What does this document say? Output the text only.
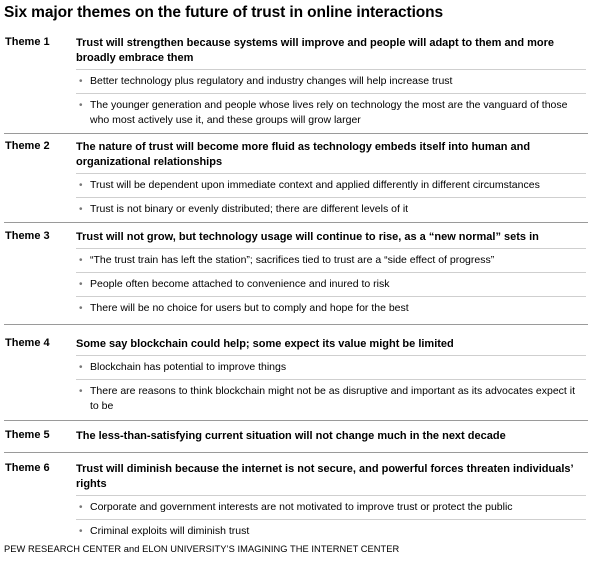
Six major themes on the future of trust in online interactions
Theme 1 Trust will strengthen because systems will improve and people will adapt to them and more broadly embrace them

• Better technology plus regulatory and industry changes will help increase trust

• The younger generation and people whose lives rely on technology the most are the vanguard of those who most actively use it, and these groups will grow larger

Theme 2 The nature of trust will become more fluid as technology embeds itself into human and organizational relationships

• Trust will be dependent upon immediate context and applied differently in different circumstances

• Trust is not binary or evenly distributed; there are different levels of it

Theme 3 Trust will not grow, but technology usage will continue to rise, as a “new normal” sets in

• “The trust train has left the station”; sacrifices tied to trust are a “side effect of progress”

• People often become attached to convenience and inured to risk

• There will be no choice for users but to comply and hope for the best

Theme 4 Some say blockchain could help; some expect its value might be limited

• Blockchain has potential to improve things

• There are reasons to think blockchain might not be as disruptive and important as its advocates expect it to be

Theme 5 The less-than-satisfying current situation will not change much in the next decade

Theme 6 Trust will diminish because the internet is not secure, and powerful forces threaten individuals’ rights

• Corporate and government interests are not motivated to improve trust or protect the public

• Criminal exploits will diminish trust

PEW RESEARCH CENTER and ELON UNIVERSITY’S IMAGINING THE INTERNET CENTER
